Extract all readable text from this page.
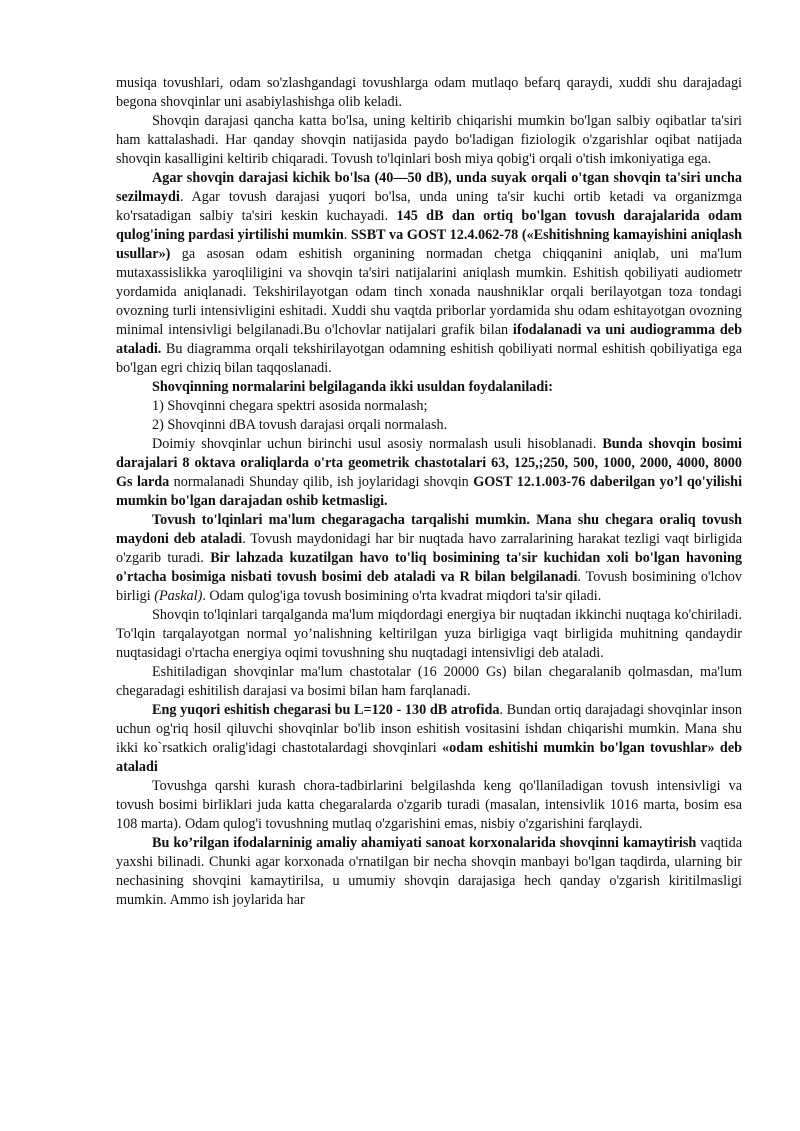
musiqa tovushlari, odam so'zlashgandagi tovushlarga odam mutlaqo befarq qaraydi, xuddi shu darajadagi begona shovqinlar uni asabiylashishga olib keladi.

Shovqin darajasi qancha katta bo'lsa, uning keltirib chiqarishi mumkin bo'lgan salbiy oqibatlar ta'siri ham kattalashadi. Har qanday shovqin natijasida paydo bo'ladigan fiziologik o'zgarishlar oqibat natijada shovqin kasalligini keltirib chiqaradi. Tovush to'lqinlari bosh miya qobig'i orqali o'tish imkoniyatiga ega.

Agar shovqin darajasi kichik bo'lsa (40—50 dB), unda suyak orqali o'tgan shovqin ta'siri uncha sezilmaydi. Agar tovush darajasi yuqori bo'lsa, unda uning ta'sir kuchi ortib ketadi va organizmga ko'rsatadigan salbiy ta'siri keskin kuchayadi. 145 dB dan ortiq bo'lgan tovush darajalarida odam qulog'ining pardasi yirtilishi mumkin. SSBT va GOST 12.4.062-78 («Eshitishning kamayishini aniqlash usullar») ga asosan odam eshitish organining normadan chetga chiqqanini aniqlab, uni ma'lum mutaxassislikka yaroqliligini va shovqin ta'siri natijalarini aniqlash mumkin. Eshitish qobiliyati audiometr yordamida aniqlanadi. Tekshirilayotgan odam tinch xonada naushniklar orqali berilayotgan toza tondagi ovozning turli intensivligini eshitadi. Xuddi shu vaqtda priborlar yordamida shu odam eshitayotgan ovozning minimal intensivligi belgilanadi.Bu o'lchovlar natijalari grafik bilan ifodalanadi va uni audiogramma deb ataladi. Bu diagramma orqali tekshirilayotgan odamning eshitish qobiliyati normal eshitish qobiliyatiga ega bo'lgan egri chiziq bilan taqqoslanadi.

Shovqinning normalarini belgilaganda ikki usuldan foydalaniladi:

1) Shovqinni chegara spektri asosida normalash;

2) Shovqinni dBA tovush darajasi orqali normalash.

Doimiy shovqinlar uchun birinchi usul asosiy normalash usuli hisoblanadi. Bunda shovqin bosimi darajalari 8 oktava oraliqlarda o'rta geometrik chastotalari 63, 125,;250, 500, 1000, 2000, 4000, 8000 Gs larda normalanadi Shunday qilib, ish joylaridagi shovqin GOST 12.1.003-76 daberilgan yo’l qo'yilishi mumkin bo'lgan darajadan oshib ketmasligi.

Tovush to'lqinlari ma'lum chegaragacha tarqalishi mumkin. Mana shu chegara oraliq tovush maydoni deb ataladi. Tovush maydonidagi har bir nuqtada havo zarralarining harakat tezligi vaqt birligida o'zgarib turadi. Bir lahzada kuzatilgan havo to'liq bosimining ta'sir kuchidan xoli bo'lgan havoning o'rtacha bosimiga nisbati tovush bosimi deb ataladi va R bilan belgilanadi. Tovush bosimining o'lchov birligi (Paskal). Odam qulog'iga tovush bosimining o'rta kvadrat miqdori ta'sir qiladi.

Shovqin to'lqinlari tarqalganda ma'lum miqdordagi energiya bir nuqtadan ikkinchi nuqtaga ko'chiriladi. To'lqin tarqalayotgan normal yo’nalishning keltirilgan yuza birligiga vaqt birligida muhitning qandaydir nuqtasidagi o'rtacha energiya oqimi tovushning shu nuqtadagi intensivligi deb ataladi.

Eshitiladigan shovqinlar ma'lum chastotalar (16 20000 Gs) bilan chegaralanib qolmasdan, ma'lum chegaradagi eshitilish darajasi va bosimi bilan ham farqlanadi.

Eng yuqori eshitish chegarasi bu L=120 - 130 dB atrofida. Bundan ortiq darajadagi shovqinlar inson uchun og'riq hosil qiluvchi shovqinlar bo'lib inson eshitish vositasini ishdan chiqarishi mumkin. Mana shu ikki ko`rsatkich oralig'idagi chastotalardagi shovqinlari «odam eshitishi mumkin bo'lgan tovushlar» deb ataladi

Tovushga qarshi kurash chora-tadbirlarini belgilashda keng qo'llaniladigan tovush intensivligi va tovush bosimi birliklari juda katta chegaralarda o'zgarib turadi (masalan, intensivlik 1016 marta, bosim esa 108 marta). Odam qulog'i tovushning mutlaq o'zgarishini emas, nisbiy o'zgarishini farqlaydi.

Bu ko’rilgan ifodalarninig amaliy ahamiyati sanoat korxonalarida shovqinni kamaytirish vaqtida yaxshi bilinadi. Chunki agar korxonada o'rnatilgan bir necha shovqin manbayi bo'lgan taqdirda, ularning bir nechasining shovqini kamaytirilsa, u umumiy shovqin darajasiga hech qanday o'zgarish kiritilmasligi mumkin. Ammo ish joylarida har
